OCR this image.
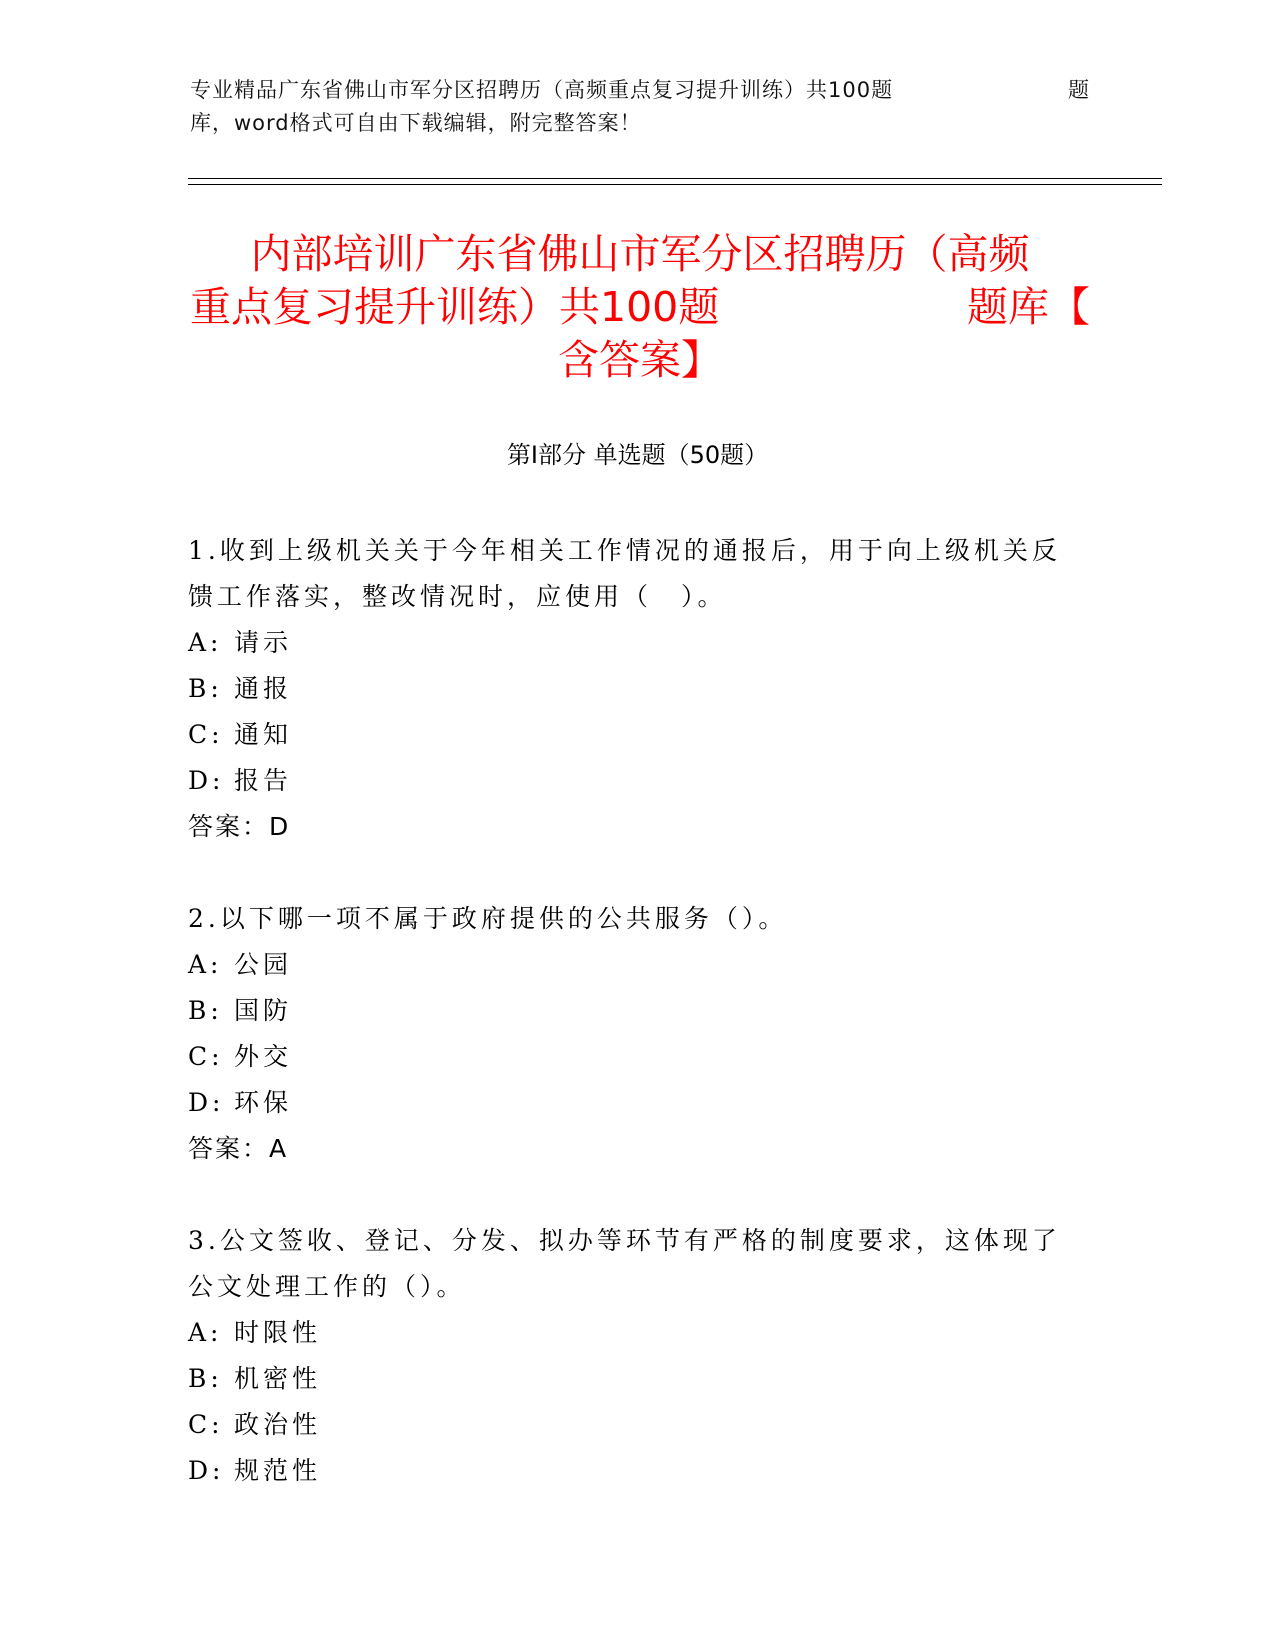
专业精品广东省佛山市军分区招聘历（高频重点复习提升训练）共100题	题
库，word格式可自由下载编辑，附完整答案！
内部培训广东省佛山市军分区招聘历（高频
重点复习提升训练）共100题	题库【
含答案】
第I部分 单选题（50题）

1.收到上级机关关于今年相关工作情况的通报后，用于向上级机关反馈工作落实，整改情况时，应使用（　）。

A: 请示

B: 通报

C: 通知

D: 报告

答案：D

2.以下哪一项不属于政府提供的公共服务（）。

A: 公园

B: 国防

C: 外交

D: 环保

答案：A

3.公文签收、登记、分发、拟办等环节有严格的制度要求，这体现了公文处理工作的（）。

A: 时限性

B: 机密性

C: 政治性

D: 规范性
